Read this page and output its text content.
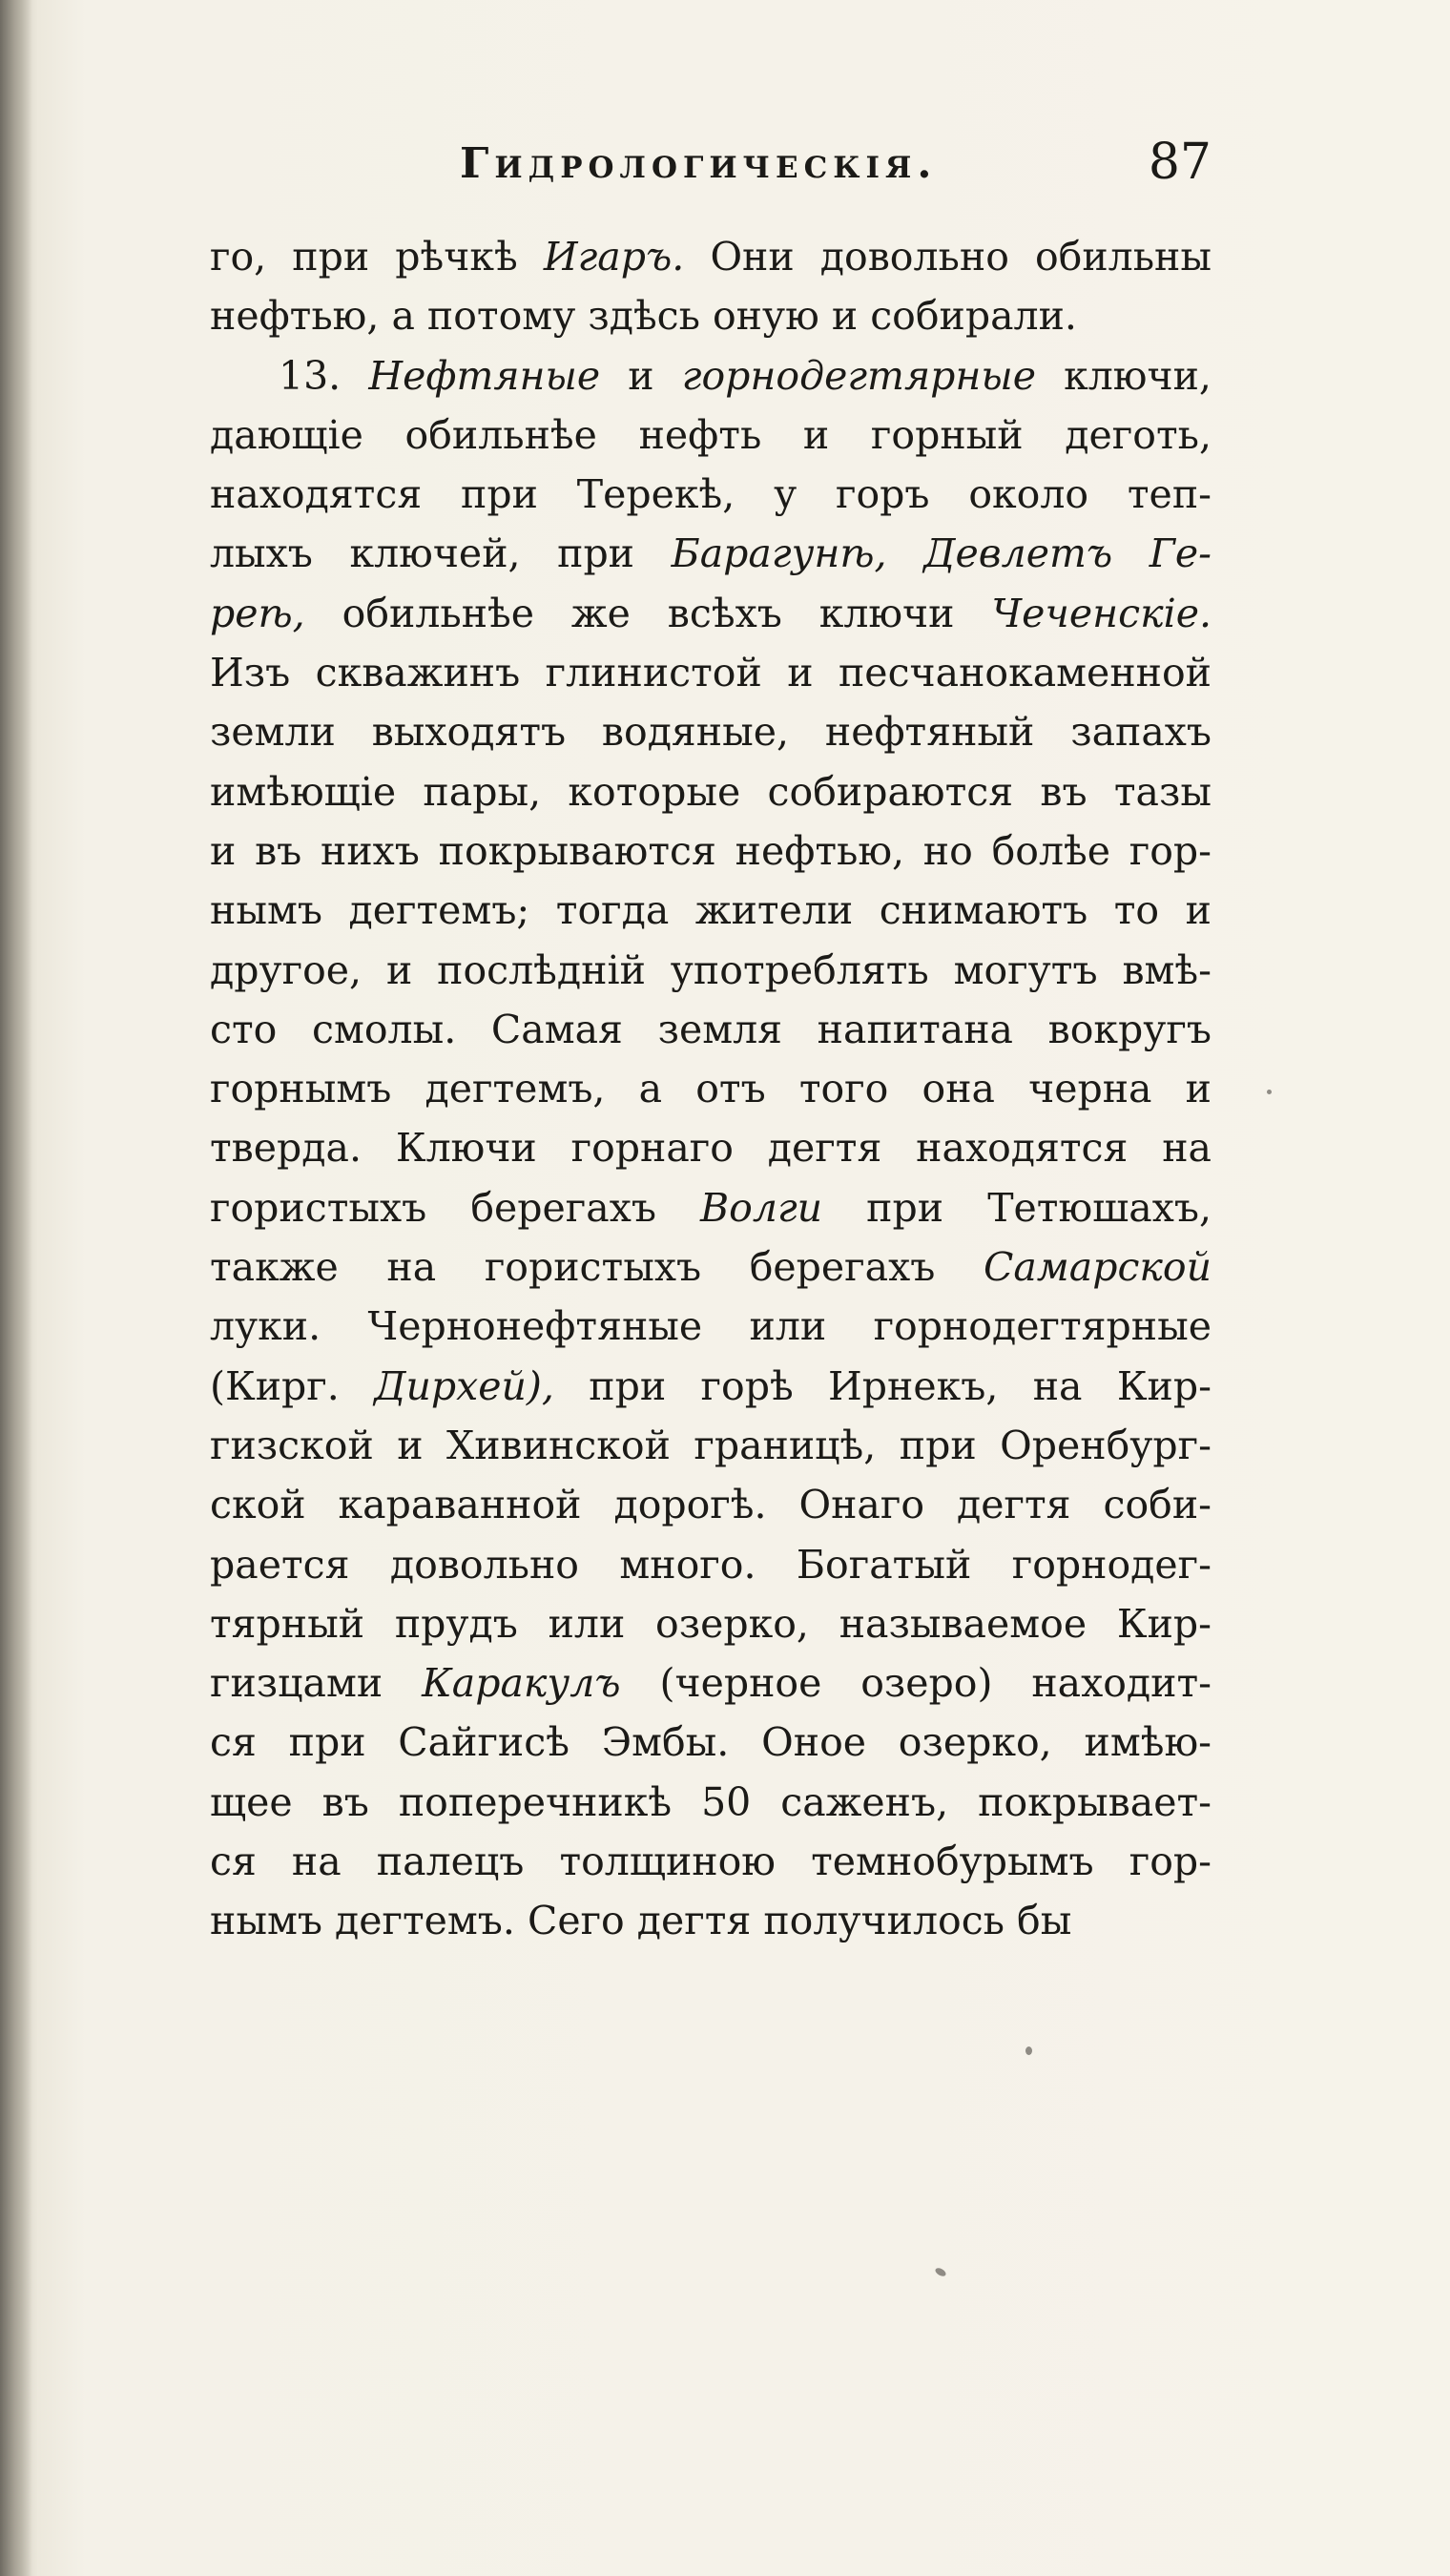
Гидрологическія.	87
го, при рѣчкѣ Игаръ. Они довольно обильны
нефтью, а потому здѣсь оную и собирали.
13. Нефтяные и горнодегтярные ключи,
дающіе обильнѣе нефть и горный деготь,
находятся при Терекѣ, у горъ около теп-
лыхъ ключей, при Барагунѣ, Девлетъ Ге-
реѣ, обильнѣе же всѣхъ ключи Чеченскіе.
Изъ скважинъ глинистой и песчанокаменной
земли выходятъ водяные, нефтяный запахъ
имѣющіе пары, которые собираются въ тазы
и въ нихъ покрываются нефтью, но болѣе гор-
нымъ дегтемъ; тогда жители снимаютъ то и
другое, и послѣдній употреблять могутъ вмѣ-
сто смолы. Самая земля напитана вокругъ
горнымъ дегтемъ, а отъ того она черна и
тверда. Ключи горнаго дегтя находятся на
гористыхъ берегахъ Волги при Тетюшахъ,
также на гористыхъ берегахъ Самарской
луки. Чернонефтяные или горнодегтярные
(Кирг. Дирхей), при горѣ Ирнекъ, на Кир-
гизской и Хивинской границѣ, при Оренбург-
ской караванной дорогѣ. Онаго дегтя соби-
рается довольно много. Богатый горнодег-
тярный прудъ или озерко, называемое Кир-
гизцами Каракулъ (черное озеро) находит-
ся при Сайгисѣ Эмбы. Оное озерко, имѣю-
щее въ поперечникѣ 50 саженъ, покрывает-
ся на палецъ толщиною темнобурымъ гор-
нымъ дегтемъ. Сего дегтя получилось бы
